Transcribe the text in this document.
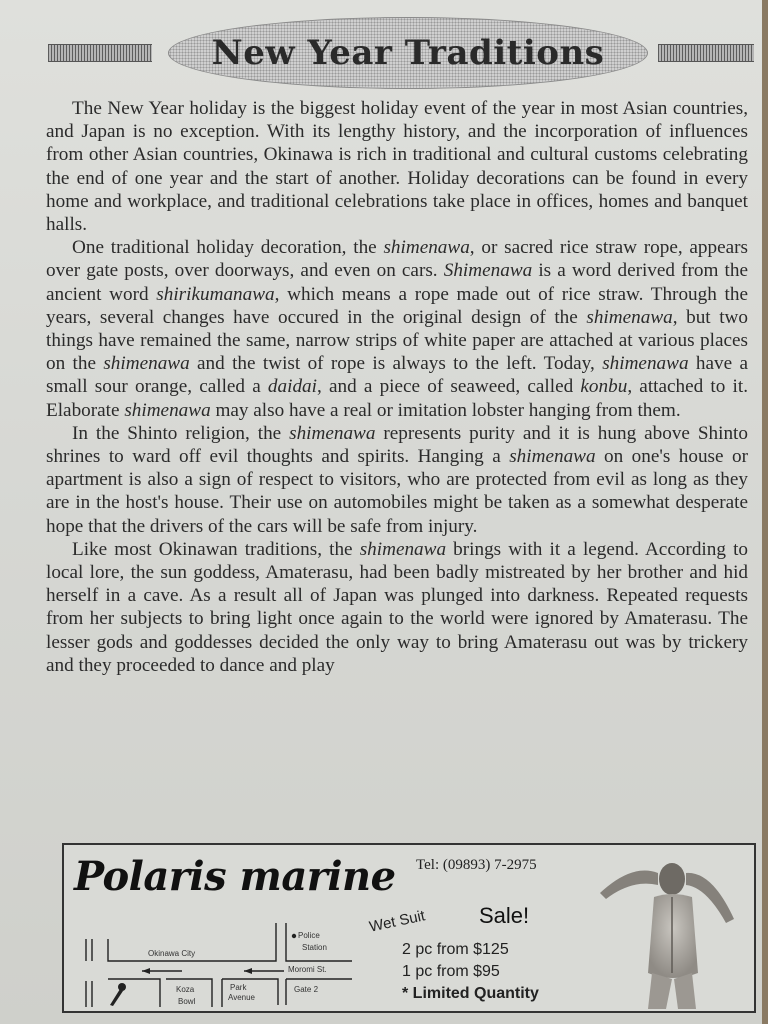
New Year Traditions

The New Year holiday is the biggest holiday event of the year in most Asian countries, and Japan is no exception. With its lengthy history, and the incorporation of influences from other Asian countries, Okinawa is rich in traditional and cultural customs celebrating the end of one year and the start of another. Holiday decorations can be found in every home and workplace, and traditional celebrations take place in offices, homes and banquet halls.

One traditional holiday decoration, the shimenawa, or sacred rice straw rope, appears over gate posts, over doorways, and even on cars. Shimenawa is a word derived from the ancient word shirikumanawa, which means a rope made out of rice straw. Through the years, several changes have occured in the original design of the shimenawa, but two things have remained the same, narrow strips of white paper are attached at various places on the shimenawa and the twist of rope is always to the left. Today, shimenawa have a small sour orange, called a daidai, and a piece of seaweed, called konbu, attached to it. Elaborate shimenawa may also have a real or imitation lobster hanging from them.

In the Shinto religion, the shimenawa represents purity and it is hung above Shinto shrines to ward off evil thoughts and spirits. Hanging a shimenawa on one's house or apartment is also a sign of respect to visitors, who are protected from evil as long as they are in the host's house. Their use on automobiles might be taken as a somewhat desperate hope that the drivers of the cars will be safe from injury.

Like most Okinawan traditions, the shimenawa brings with it a legend. According to local lore, the sun goddess, Amaterasu, had been badly mistreated by her brother and hid herself in a cave. As a result all of Japan was plunged into darkness. Repeated requests from her subjects to bring light once again to the world were ignored by Amaterasu. The lesser gods and goddesses decided the only way to bring Amaterasu out was by trickery and they proceeded to dance and play

Polaris marine Tel: (09893) 7-2975
Okinawa City
Police
Station
Moromi St.
Koza
Bowl
Park
Avenue
Gate 2
Wet Suit Sale!
2 pc from $125
1 pc from $95
* Limited Quantity
